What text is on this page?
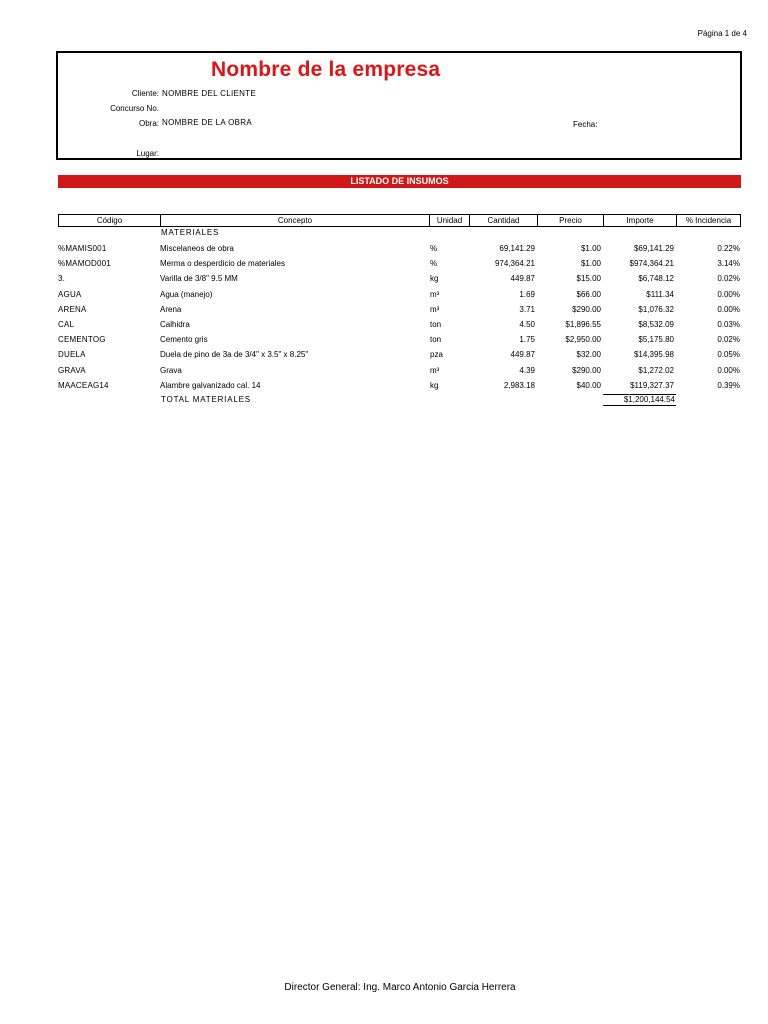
Página 1 de 4
Nombre de la empresa
Cliente: NOMBRE DEL CLIENTE
Concurso No.
Obra: NOMBRE DE LA OBRA	Fecha:
Lugar:
LISTADO DE INSUMOS
Código	Concepto	Unidad	Cantidad	Precio	Importe	% Incidencia
MATERIALES
%MAMIS001	Miscelaneos de obra	%	69,141.29	$1.00	$69,141.29	0.22%
%MAMOD001	Merma o desperdicio de materiales	%	974,364.21	$1.00	$974,364.21	3.14%
3.	Varilla de 3/8" 9.5 MM	kg	449.87	$15.00	$6,748.12	0.02%
AGUA	Agua (manejo)	m³	1.69	$66.00	$111.34	0.00%
ARENA	Arena	m³	3.71	$290.00	$1,076.32	0.00%
CAL	Calhidra	ton	4.50	$1,896.55	$8,532.09	0.03%
CEMENTOG	Cemento gris	ton	1.75	$2,950.00	$5,175.80	0.02%
DUELA	Duela de pino de 3a de 3/4" x 3.5" x 8.25"	pza	449.87	$32.00	$14,395.98	0.05%
GRAVA	Grava	m³	4.39	$290.00	$1,272.02	0.00%
MAACEAG14	Alambre galvanizado cal. 14	kg	2,983.18	$40.00	$119,327.37	0.39%
TOTAL MATERIALES	$1,200,144.54
Director General: Ing. Marco Antonio Garcia Herrera
